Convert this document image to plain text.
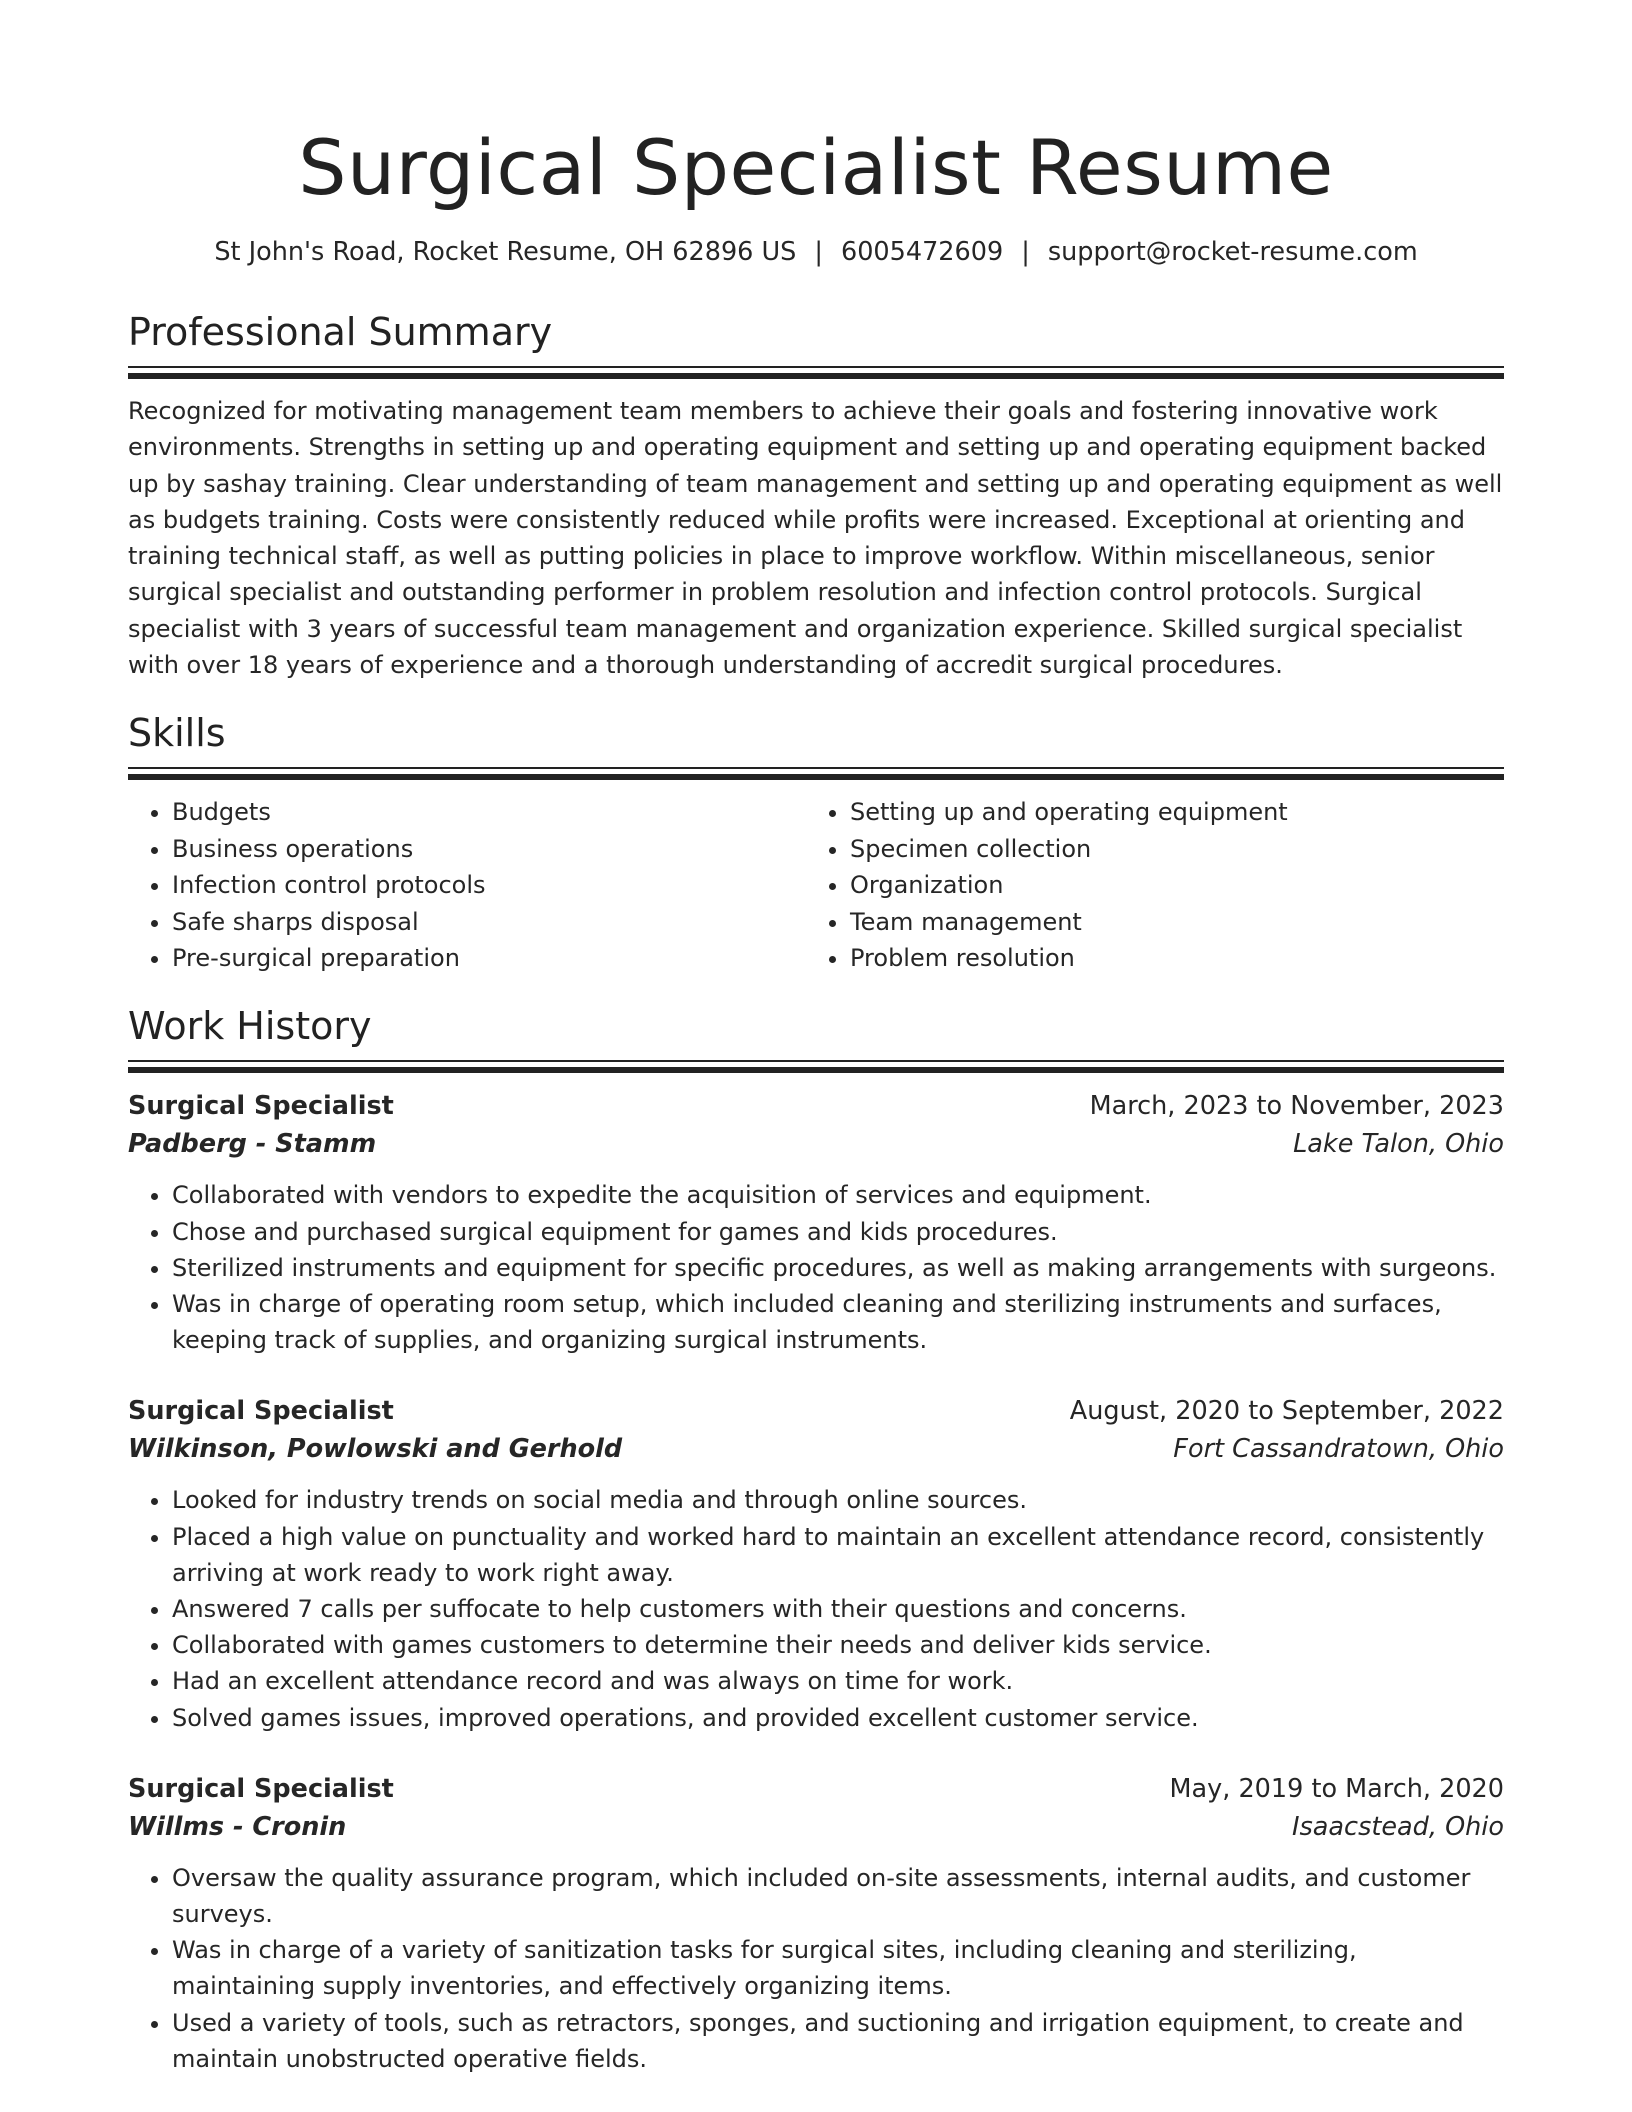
Surgical Specialist Resume
St John's Road, Rocket Resume, OH 62896 US | 6005472609 | support@rocket-resume.com
Professional Summary

Recognized for motivating management team members to achieve their goals and fostering innovative work environments. Strengths in setting up and operating equipment and setting up and operating equipment backed up by sashay training. Clear understanding of team management and setting up and operating equipment as well as budgets training. Costs were consistently reduced while profits were increased. Exceptional at orienting and training technical staff, as well as putting policies in place to improve workflow. Within miscellaneous, senior surgical specialist and outstanding performer in problem resolution and infection control protocols. Surgical specialist with 3 years of successful team management and organization experience. Skilled surgical specialist with over 18 years of experience and a thorough understanding of accredit surgical procedures.

Skills
• Budgets
• Business operations
• Infection control protocols
• Safe sharps disposal
• Pre-surgical preparation
• Setting up and operating equipment
• Specimen collection
• Organization
• Team management
• Problem resolution
Work History
Surgical Specialist	March, 2023 to November, 2023
Padberg - Stamm	Lake Talon, Ohio
• Collaborated with vendors to expedite the acquisition of services and equipment.
• Chose and purchased surgical equipment for games and kids procedures.
• Sterilized instruments and equipment for specific procedures, as well as making arrangements with surgeons.
• Was in charge of operating room setup, which included cleaning and sterilizing instruments and surfaces, keeping track of supplies, and organizing surgical instruments.
Surgical Specialist	August, 2020 to September, 2022
Wilkinson, Powlowski and Gerhold	Fort Cassandratown, Ohio
• Looked for industry trends on social media and through online sources.
• Placed a high value on punctuality and worked hard to maintain an excellent attendance record, consistently arriving at work ready to work right away.
• Answered 7 calls per suffocate to help customers with their questions and concerns.
• Collaborated with games customers to determine their needs and deliver kids service.
• Had an excellent attendance record and was always on time for work.
• Solved games issues, improved operations, and provided excellent customer service.
Surgical Specialist	May, 2019 to March, 2020
Willms - Cronin	Isaacstead, Ohio
• Oversaw the quality assurance program, which included on-site assessments, internal audits, and customer surveys.
• Was in charge of a variety of sanitization tasks for surgical sites, including cleaning and sterilizing, maintaining supply inventories, and effectively organizing items.
• Used a variety of tools, such as retractors, sponges, and suctioning and irrigation equipment, to create and maintain unobstructed operative fields.
